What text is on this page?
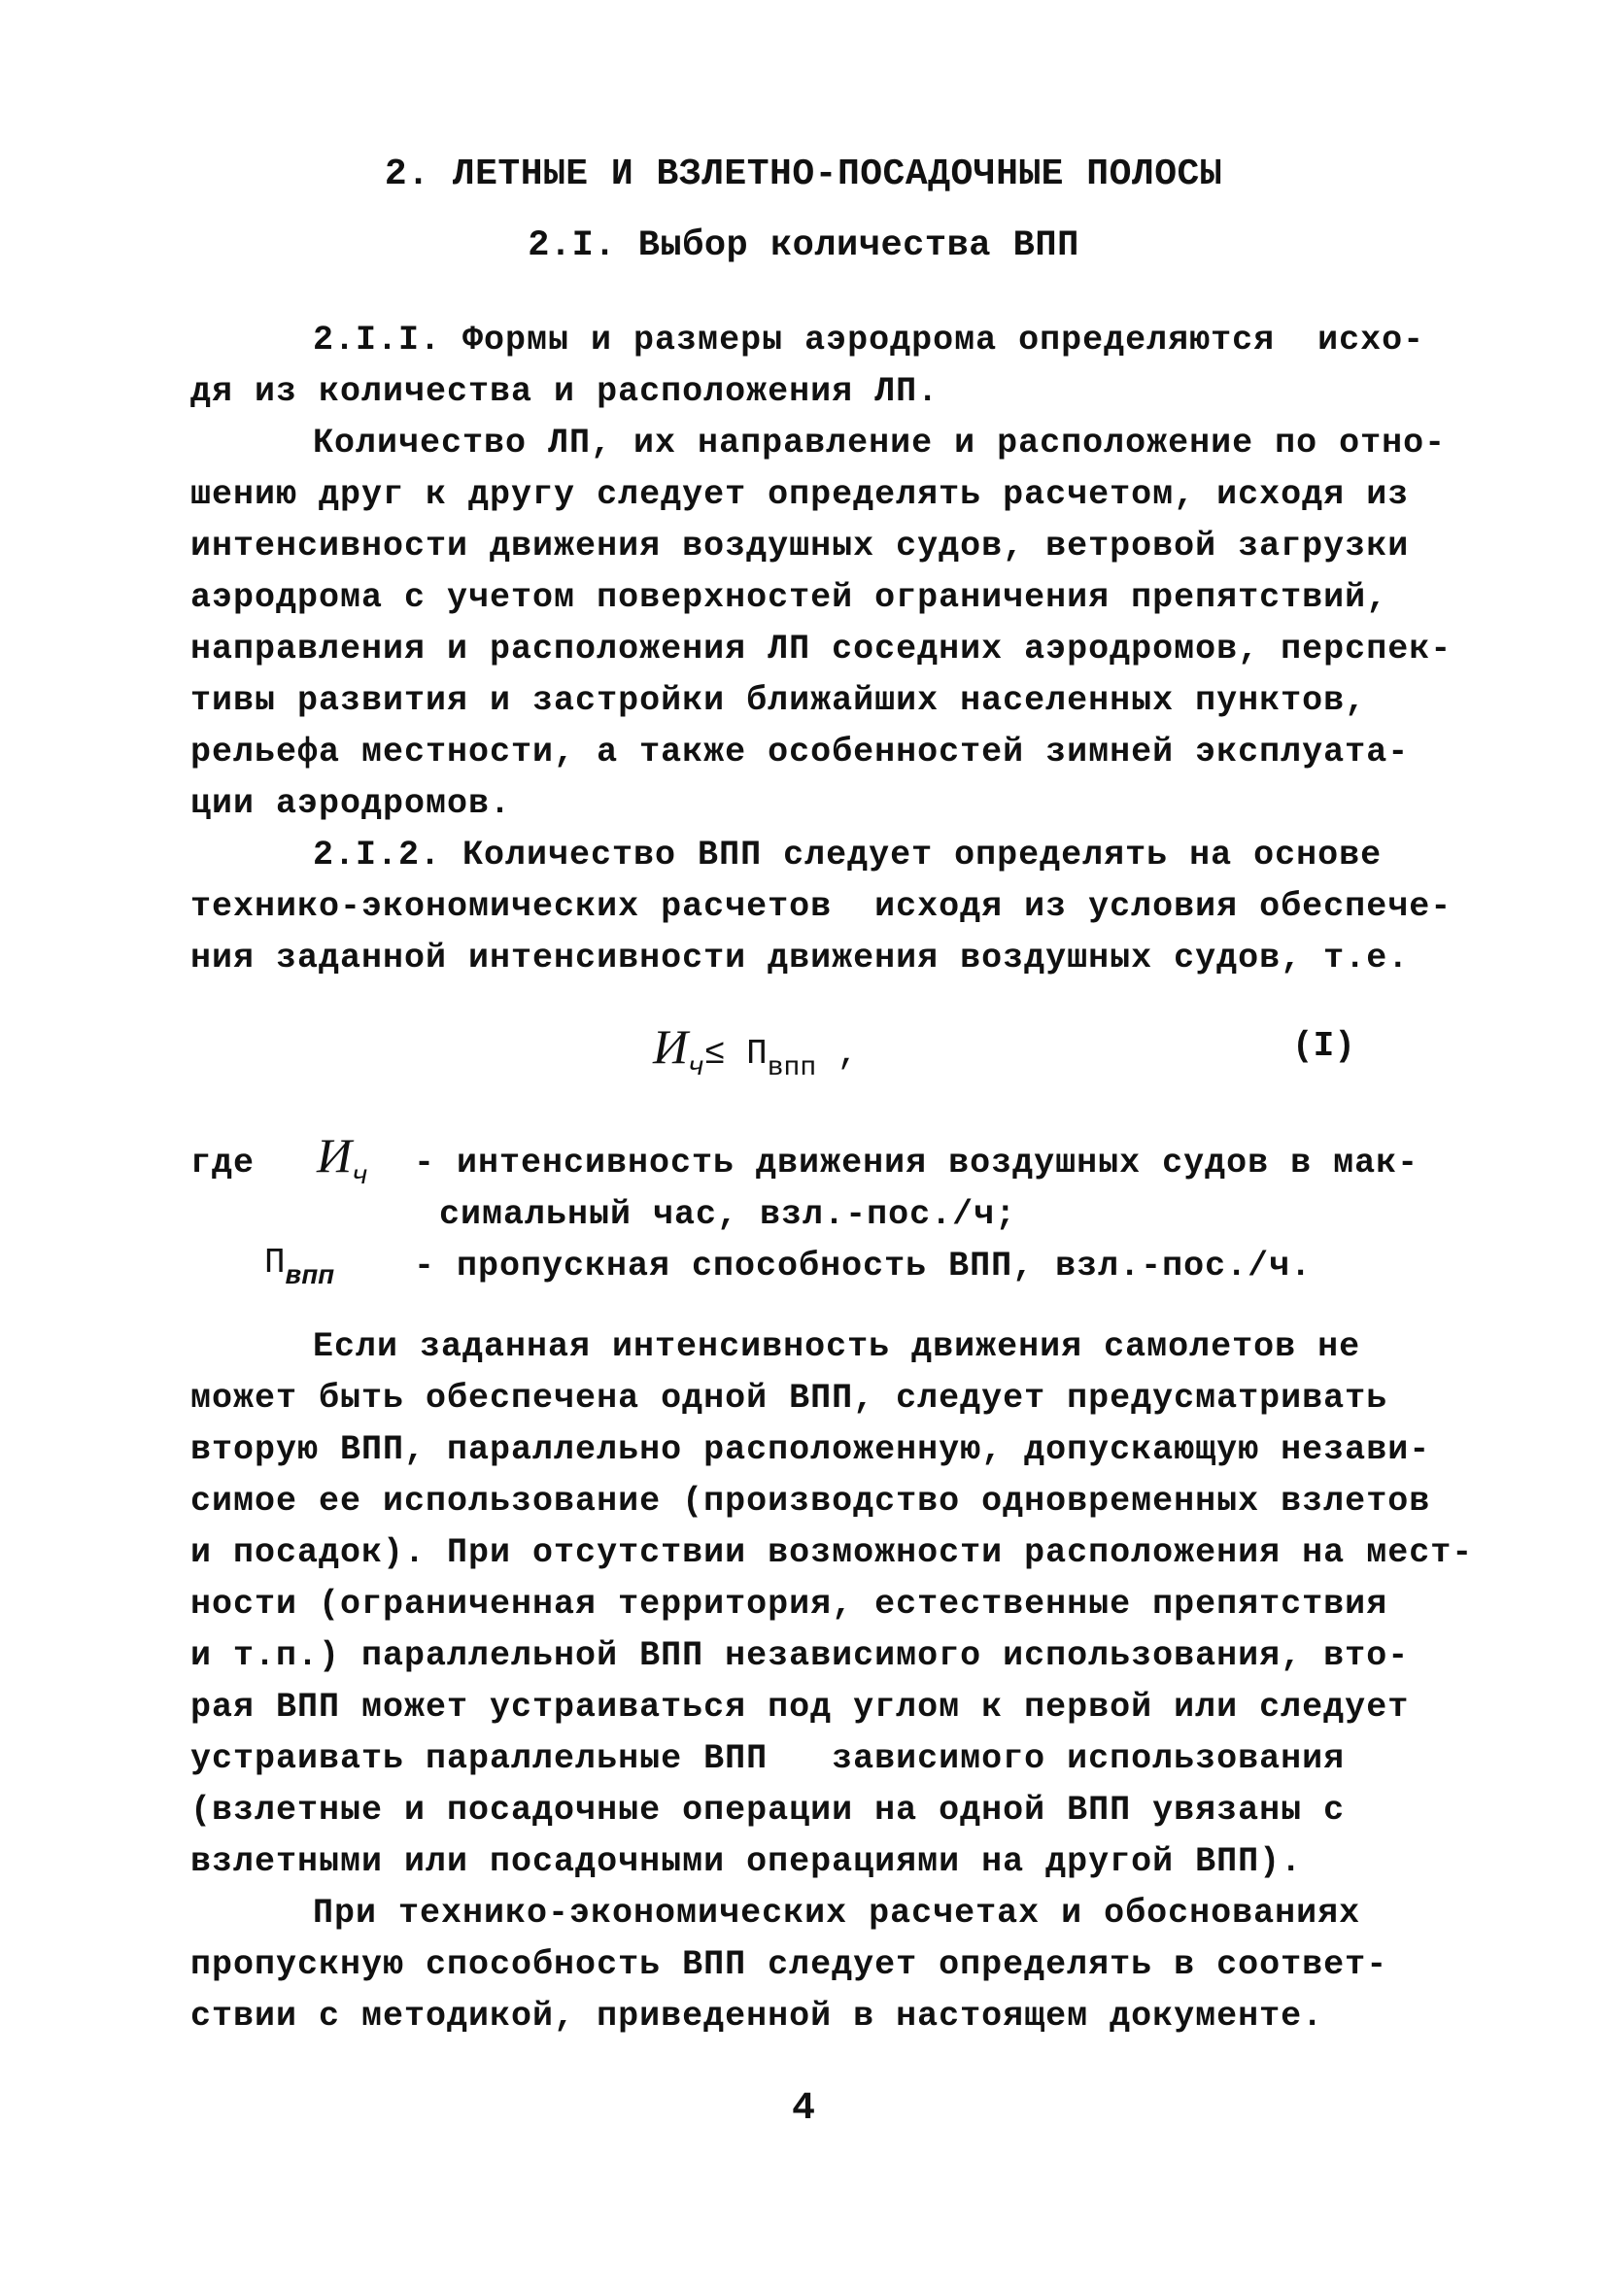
2. ЛЕТНЫЕ И ВЗЛЕТНО-ПОСАДОЧНЫЕ ПОЛОСЫ
2.I. Выбор количества ВПП
2.I.I. Формы и размеры аэродрома определяются  исхо-
дя из количества и расположения ЛП.
Количество ЛП, их направление и расположение по отно-
шению друг к другу следует определять расчетом, исходя из
интенсивности движения воздушных судов, ветровой загрузки
аэродрома с учетом поверхностей ограничения препятствий,
направления и расположения ЛП соседних аэродромов, перспек-
тивы развития и застройки ближайших населенных пунктов,
рельефа местности, а также особенностей зимней эксплуата-
ции аэродромов.
2.I.2. Количество ВПП следует определять на основе
технико-экономических расчетов  исходя из условия обеспече-
ния заданной интенсивности движения воздушных судов, т.е.
$И_ч\le П_{впп}$ ,	(I)
где $И_ч$ - интенсивность движения воздушных судов в мак-
симальный час, взл.-пос./ч;
$П_{впп}$ - пропускная способность ВПП, взл.-пос./ч.
Если заданная интенсивность движения самолетов не
может быть обеспечена одной ВПП, следует предусматривать
вторую ВПП, параллельно расположенную, допускающую незави-
симое ее использование (производство одновременных взлетов
и посадок). При отсутствии возможности расположения на мест-
ности (ограниченная территория, естественные препятствия
и т.п.) параллельной ВПП независимого использования, вто-
рая ВПП может устраиваться под углом к первой или следует
устраивать параллельные ВПП   зависимого использования
(взлетные и посадочные операции на одной ВПП увязаны с
взлетными или посадочными операциями на другой ВПП).
При технико-экономических расчетах и обоснованиях
пропускную способность ВПП следует определять в соответ-
ствии с методикой, приведенной в настоящем документе.
4
